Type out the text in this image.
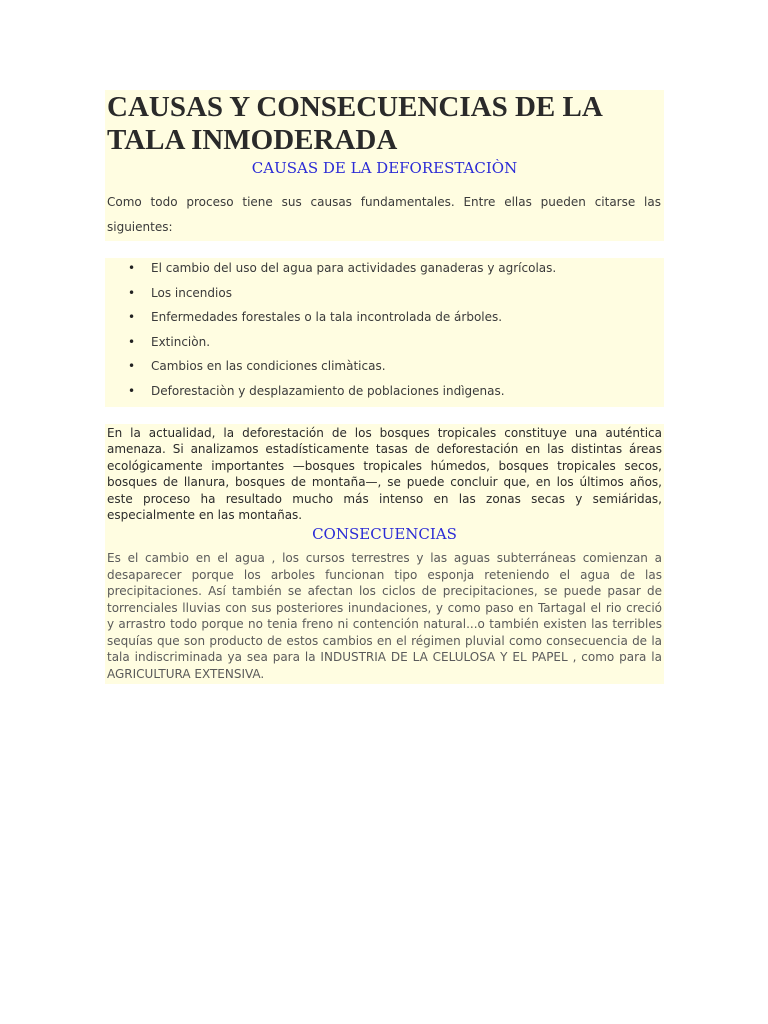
CAUSAS Y CONSECUENCIAS DE LA TALA INMODERADA
CAUSAS DE LA DEFORESTACIÒN

Como todo proceso tiene sus causas fundamentales. Entre ellas pueden citarse las siguientes:

• El cambio del uso del agua para actividades ganaderas y agrícolas.
• Los incendios
• Enfermedades forestales o la tala incontrolada de árboles.
• Extinciòn.
• Cambios en las condiciones climàticas.
• Deforestaciòn y desplazamiento de poblaciones indìgenas.

En la actualidad, la deforestación de los bosques tropicales constituye una auténtica amenaza. Si analizamos estadísticamente tasas de deforestación en las distintas áreas ecológicamente importantes —bosques tropicales húmedos, bosques tropicales secos, bosques de llanura, bosques de montaña—, se puede concluir que, en los últimos años, este proceso ha resultado mucho más intenso en las zonas secas y semiáridas, especialmente en las montañas.

CONSECUENCIAS

Es el cambio en el agua , los cursos terrestres y las aguas subterráneas comienzan a desaparecer porque los arboles funcionan tipo esponja reteniendo el agua de las precipitaciones. Así también se afectan los ciclos de precipitaciones, se puede pasar de torrenciales lluvias con sus posteriores inundaciones, y como paso en Tartagal el rio creció y arrastro todo porque no tenia freno ni contención natural...o también existen las terribles sequías que son producto de estos cambios en el régimen pluvial como consecuencia de la tala indiscriminada ya sea para la INDUSTRIA DE LA CELULOSA Y EL PAPEL , como para la AGRICULTURA EXTENSIVA.
